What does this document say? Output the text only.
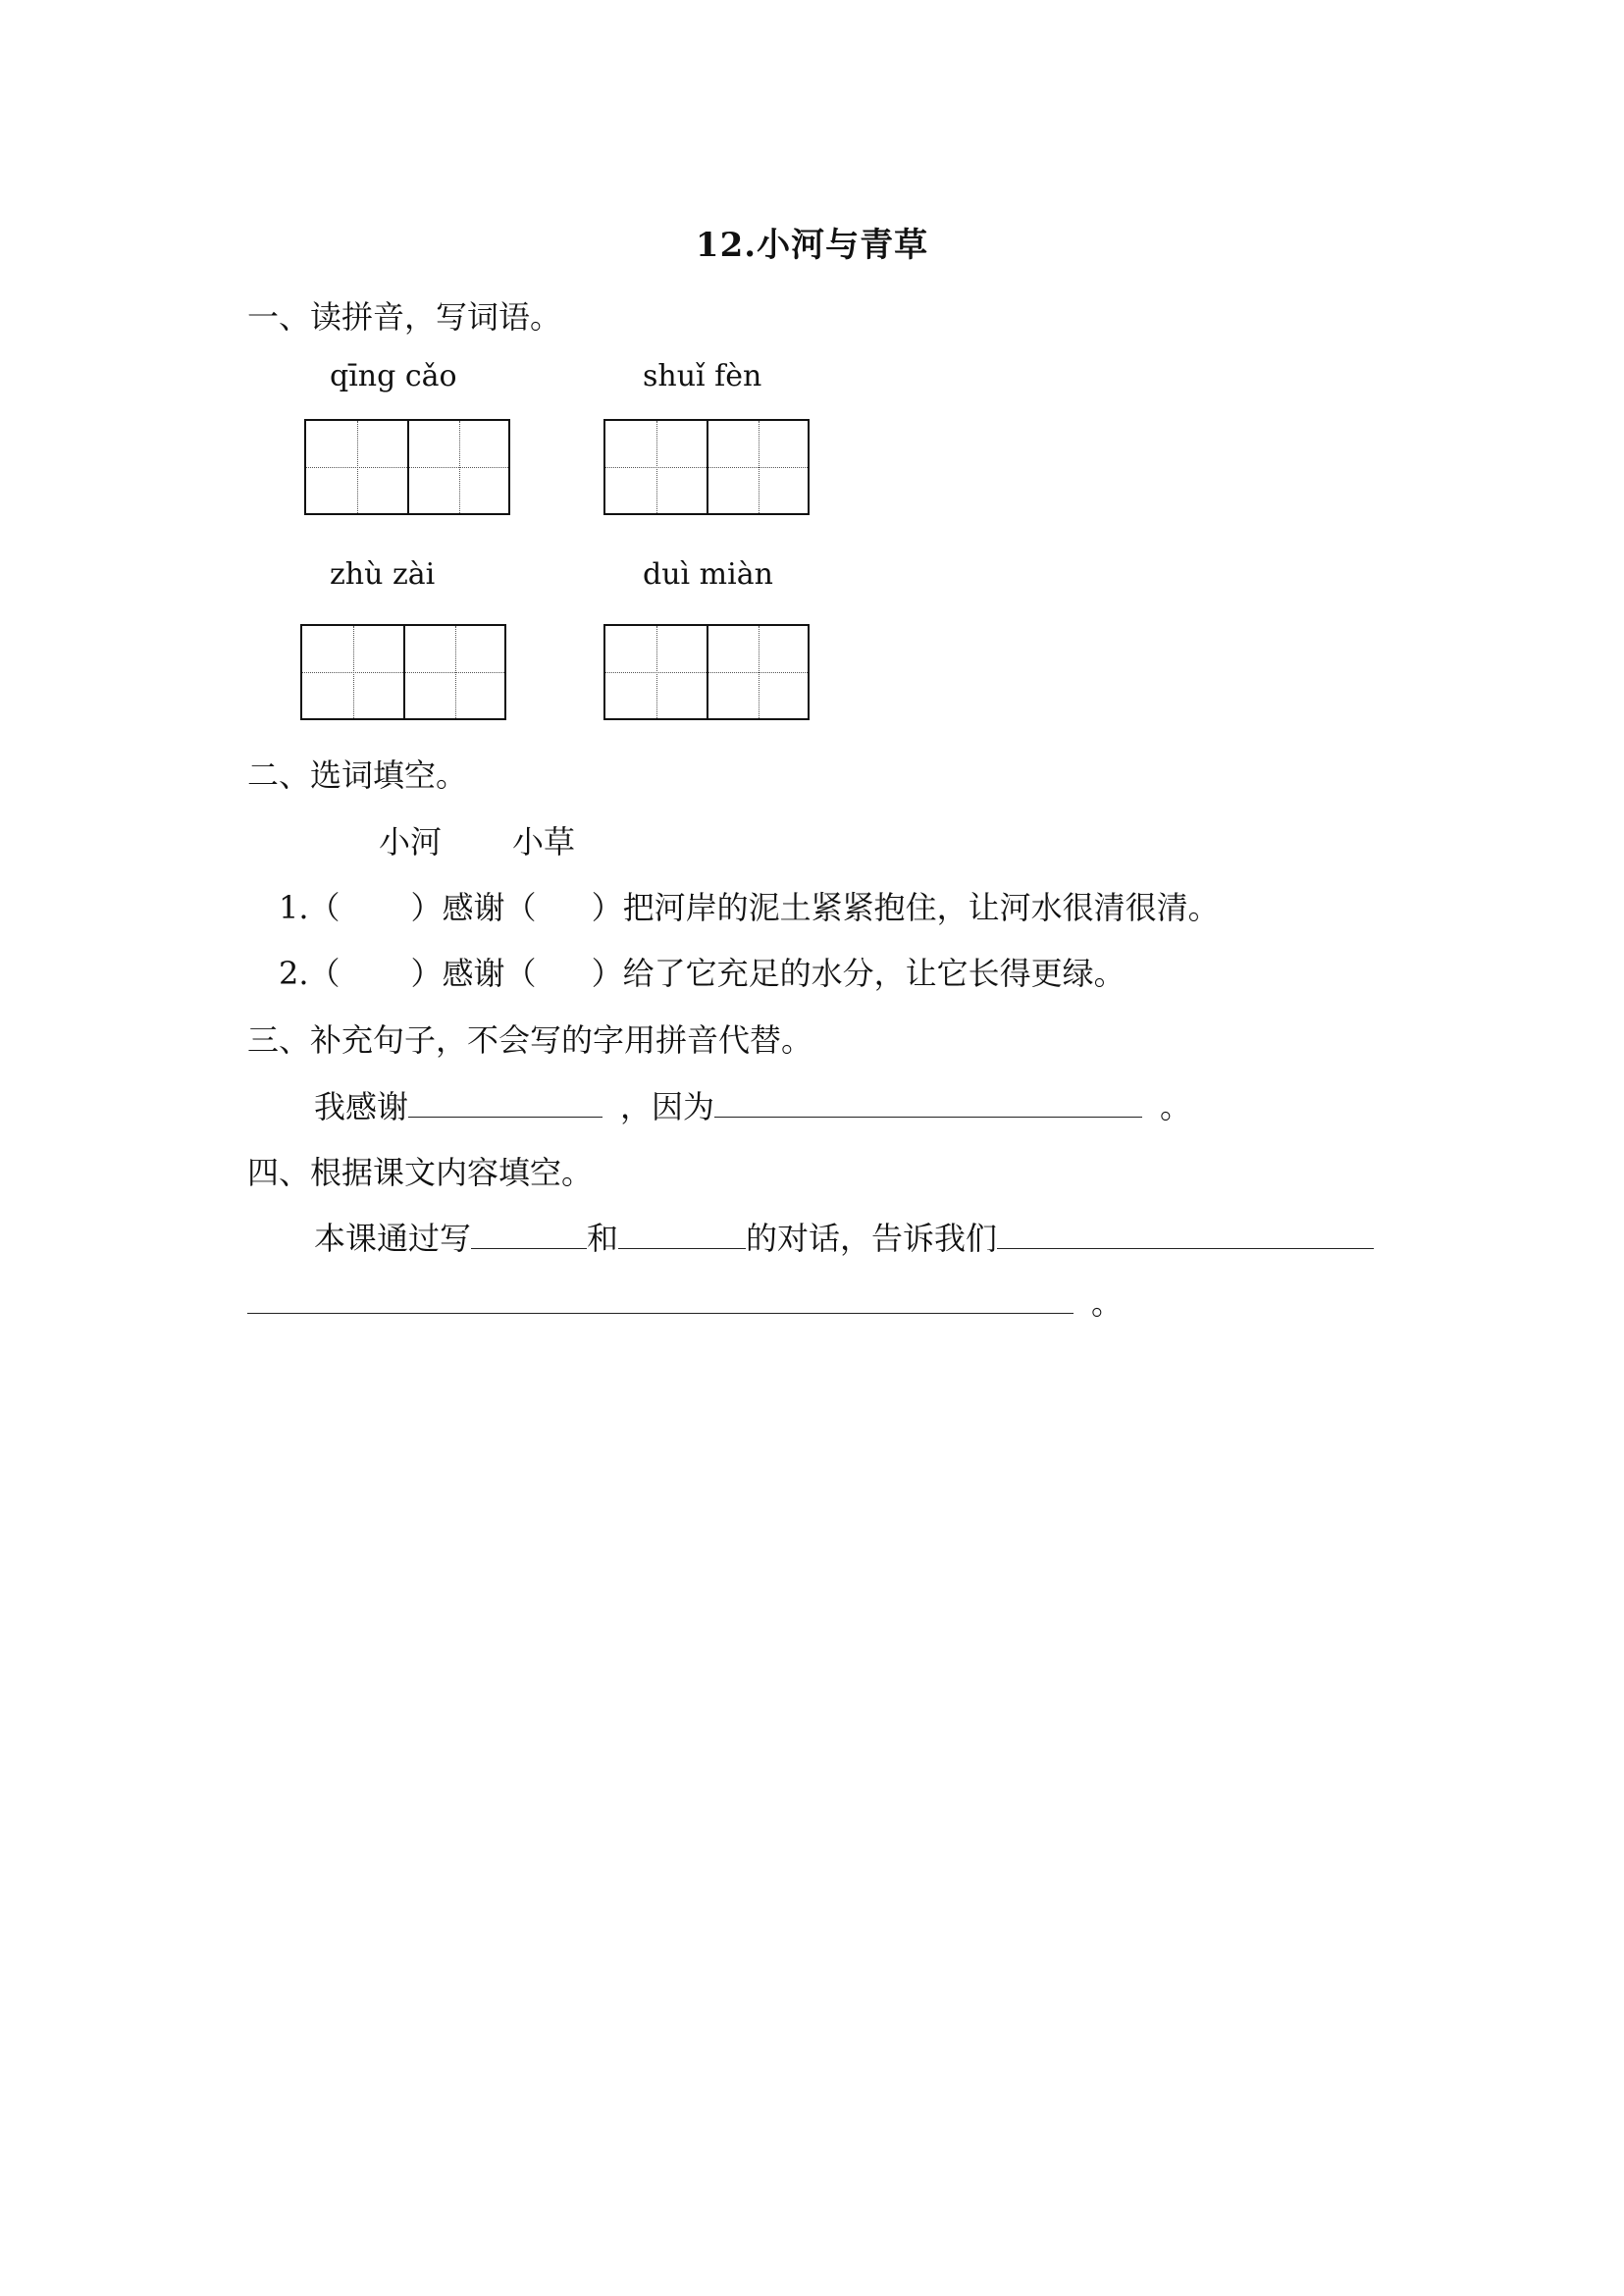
12.小河与青草
一、读拼音，写词语。
qīng cǎo	shuǐ fèn
zhù zài	duì miàn
二、选词填空。
小河 小草
1.（ ）感谢（ ）把河岸的泥土紧紧抱住，让河水很清很清。
2.（ ）感谢（ ）给了它充足的水分，让它长得更绿。
三、补充句子，不会写的字用拼音代替。
我感谢	，因为	。
四、根据课文内容填空。
本课通过写	和	的对话，告诉我们
。
